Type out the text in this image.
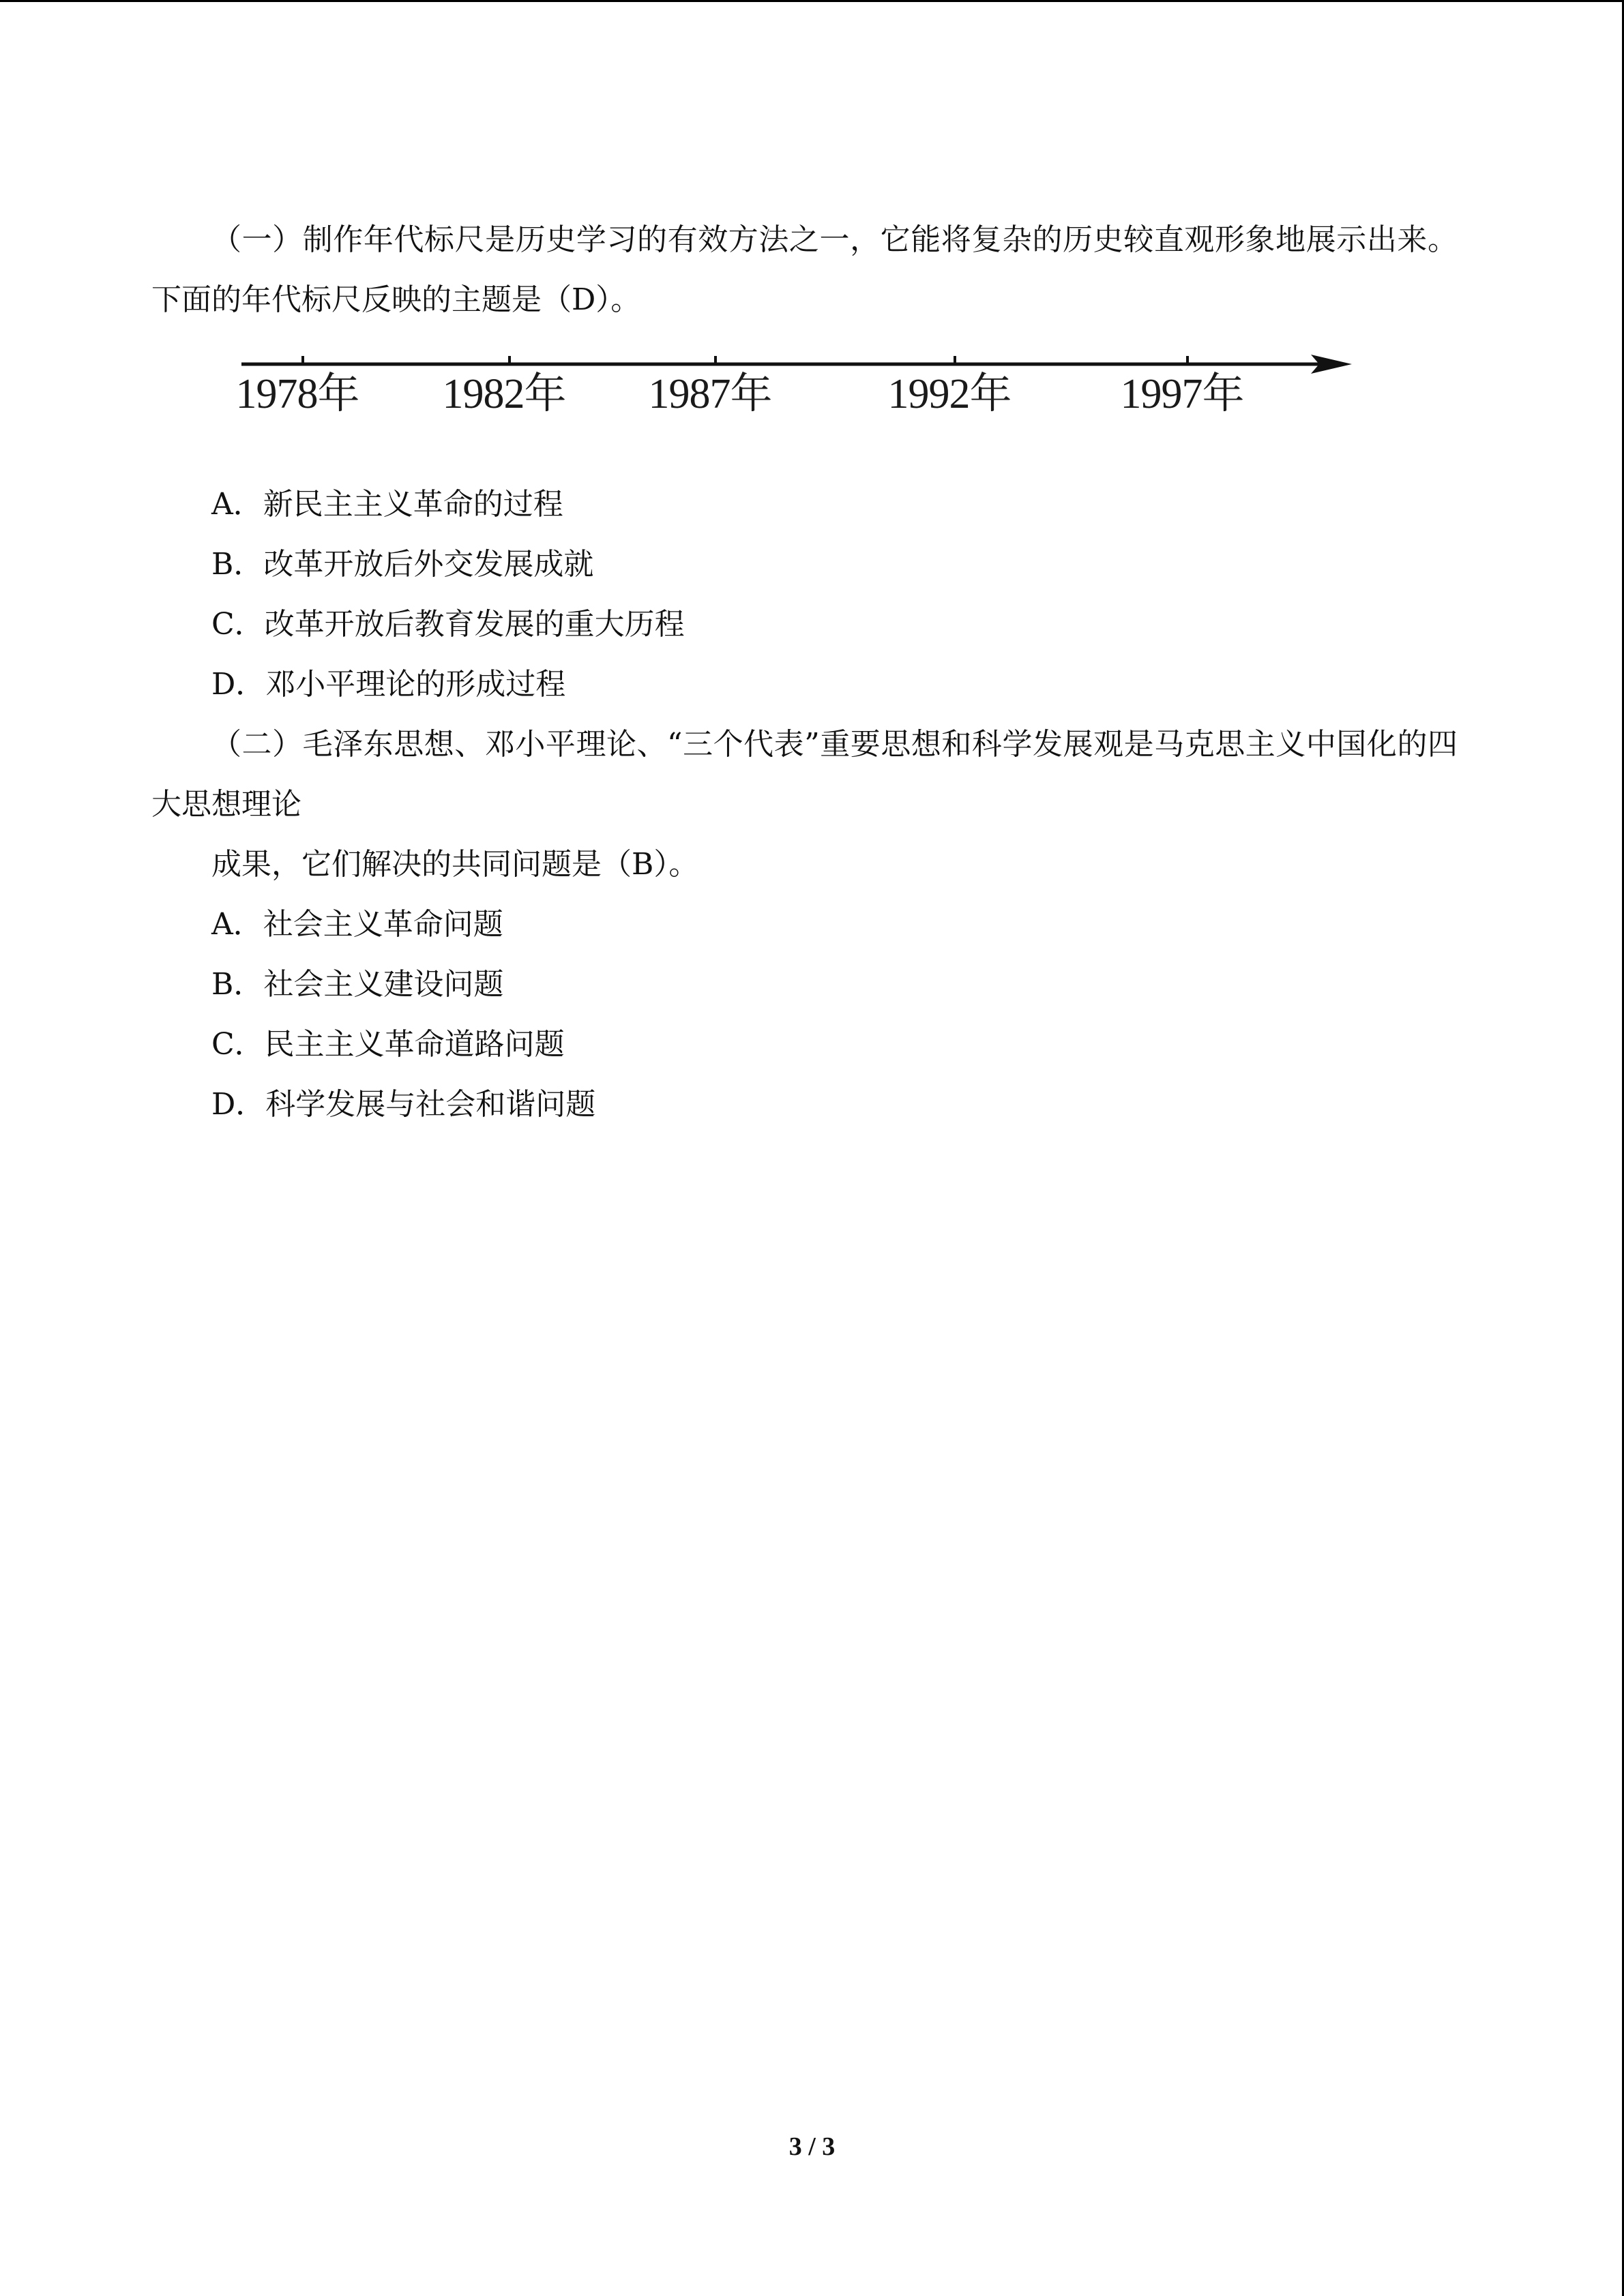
（一）制作年代标尺是历史学习的有效方法之一，它能将复杂的历史较直观形象地展示出来。下面的年代标尺反映的主题是（D）。

1978年 1982年 1987年	1992年	1997年

A．新民主主义革命的过程

B．改革开放后外交发展成就

C．改革开放后教育发展的重大历程

D．邓小平理论的形成过程

（二）毛泽东思想、邓小平理论、“三个代表”重要思想和科学发展观是马克思主义中国化的四大思想理论

成果，它们解决的共同问题是（B）。

A．社会主义革命问题

B．社会主义建设问题

C．民主主义革命道路问题

D．科学发展与社会和谐问题

3 / 3
